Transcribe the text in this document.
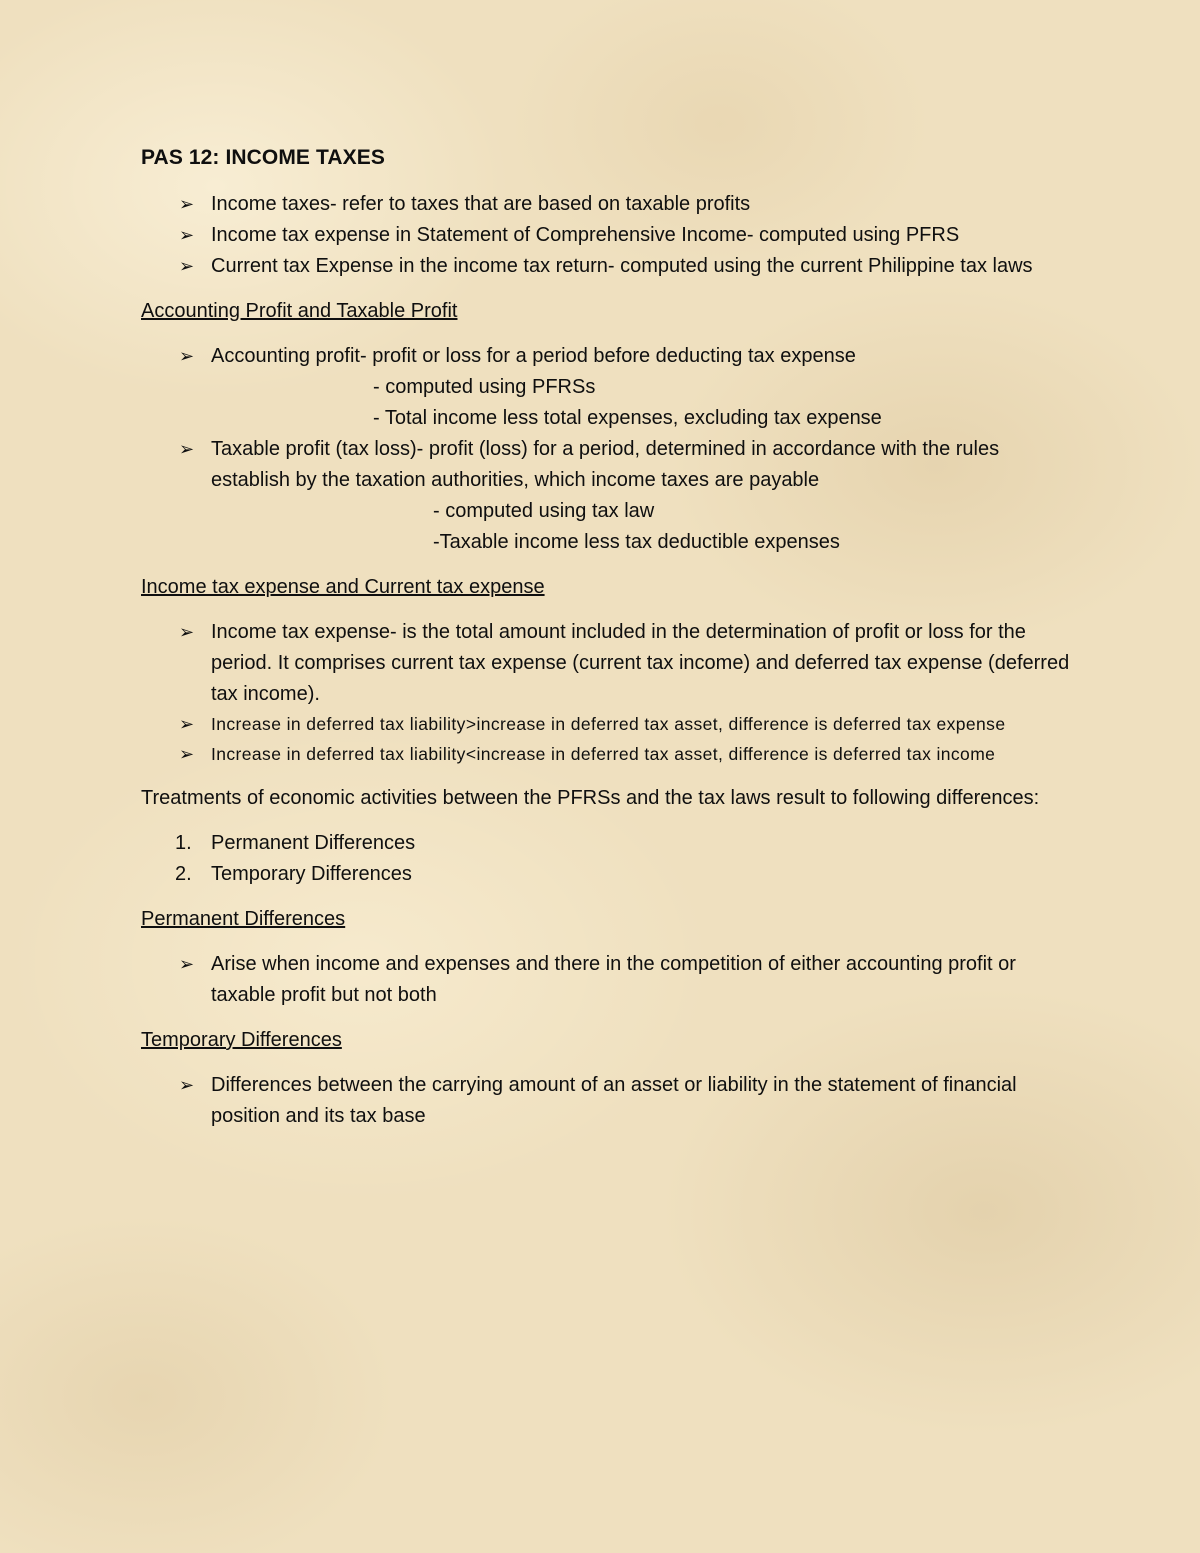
PAS 12: INCOME TAXES
➢ Income taxes- refer to taxes that are based on taxable profits
➢ Income tax expense in Statement of Comprehensive Income- computed using PFRS
➢ Current tax Expense in the income tax return- computed using the current Philippine tax laws
Accounting Profit and Taxable Profit
➢ Accounting profit- profit or loss for a period before deducting tax expense
- computed using PFRSs
- Total income less total expenses, excluding tax expense
➢ Taxable profit (tax loss)- profit (loss) for a period, determined in accordance with the rules establish by the taxation authorities, which income taxes are payable
- computed using tax law
-Taxable income less tax deductible expenses
Income tax expense and Current tax expense
➢ Income tax expense- is the total amount included in the determination of profit or loss for the period. It comprises current tax expense (current tax income) and deferred tax expense (deferred tax income).
➢ Increase in deferred tax liability>increase in deferred tax asset, difference is deferred tax expense
➢ Increase in deferred tax liability<increase in deferred tax asset, difference is deferred tax income
Treatments of economic activities between the PFRSs and the tax laws result to following differences:
1. Permanent Differences
2. Temporary Differences
Permanent Differences
➢ Arise when income and expenses and there in the competition of either accounting profit or taxable profit but not both
Temporary Differences
➢ Differences between the carrying amount of an asset or liability in the statement of financial position and its tax base
